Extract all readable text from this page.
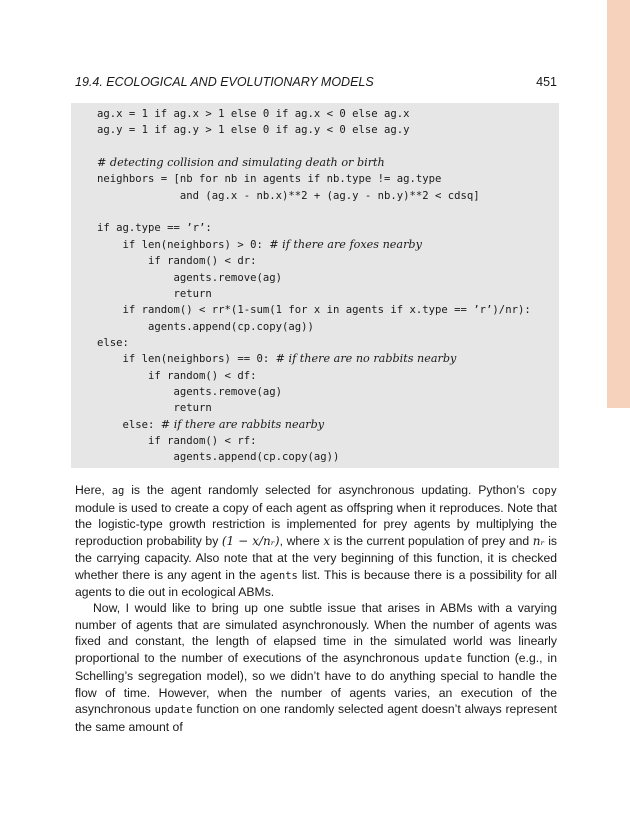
19.4. ECOLOGICAL AND EVOLUTIONARY MODELS	451
ag.x = 1 if ag.x > 1 else 0 if ag.x < 0 else ag.x
ag.y = 1 if ag.y > 1 else 0 if ag.y < 0 else ag.y
# detecting collision and simulating death or birth
neighbors = [nb for nb in agents if nb.type != ag.type
and (ag.x - nb.x)**2 + (ag.y - nb.y)**2 < cdsq]
if ag.type == ’r’:
if len(neighbors) > 0: # if there are foxes nearby
if random() < dr:
agents.remove(ag)
return
if random() < rr*(1-sum(1 for x in agents if x.type == ’r’)/nr):
agents.append(cp.copy(ag))
else:
if len(neighbors) == 0: # if there are no rabbits nearby
if random() < df:
agents.remove(ag)
return
else: # if there are rabbits nearby
if random() < rf:
agents.append(cp.copy(ag))

Here, ag is the agent randomly selected for asynchronous updating. Python’s copy module is used to create a copy of each agent as offspring when it reproduces. Note that the logistic-type growth restriction is implemented for prey agents by multiplying the reproduction probability by (1 − x/nᵣ), where x is the current population of prey and nᵣ is the carrying capacity. Also note that at the very beginning of this function, it is checked whether there is any agent in the agents list. This is because there is a possibility for all agents to die out in ecological ABMs.

Now, I would like to bring up one subtle issue that arises in ABMs with a varying number of agents that are simulated asynchronously. When the number of agents was fixed and constant, the length of elapsed time in the simulated world was linearly proportional to the number of executions of the asynchronous update function (e.g., in Schelling’s segregation model), so we didn’t have to do anything special to handle the flow of time. However, when the number of agents varies, an execution of the asynchronous update function on one randomly selected agent doesn’t always represent the same amount of
